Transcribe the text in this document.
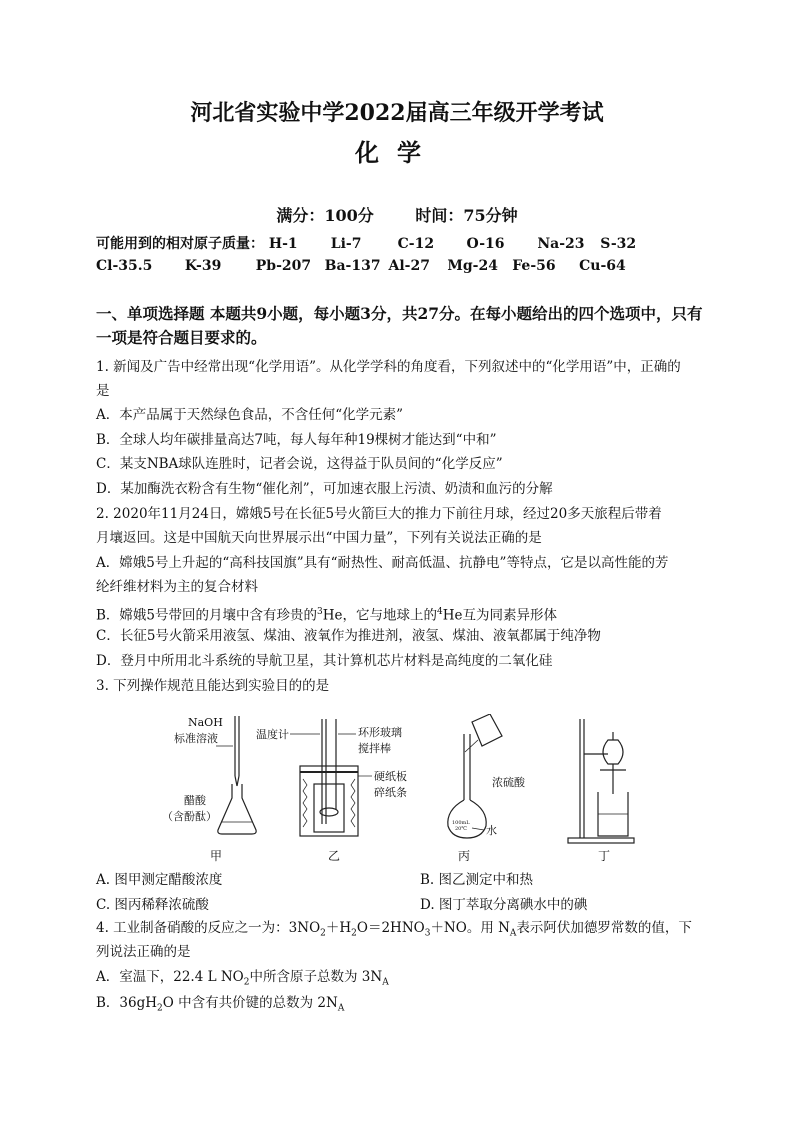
河北省实验中学2022届高三年级开学考试
化学
满分：100分	时间：75分钟
可能用到的相对原子质量： H-1 Li-7	C-12 O-16 Na-23 S-32
Cl-35.5 K-39 Pb-207 Ba-137 Al-27 Mg-24 Fe-56 Cu-64
一、单项选择题 本题共9小题，每小题3分，共27分。在每小题给出的四个选项中，只有一项是符合题目要求的。
1. 新闻及广告中经常出现“化学用语”。从化学学科的角度看，下列叙述中的“化学用语”中，正确的
是
A．本产品属于天然绿色食品，不含任何“化学元素”
B．全球人均年碳排量高达7吨，每人每年种19棵树才能达到“中和”
C．某支NBA球队连胜时，记者会说，这得益于队员间的“化学反应”
D．某加酶洗衣粉含有生物“催化剂”，可加速衣服上污渍、奶渍和血污的分解
2. 2020年11月24日，嫦娥5号在长征5号火箭巨大的推力下前往月球，经过20多天旅程后带着
月壤返回。这是中国航天向世界展示出“中国力量”，下列有关说法正确的是
A．嫦娥5号上升起的“高科技国旗”具有“耐热性、耐高低温、抗静电”等特点，它是以高性能的芳
纶纤维材料为主的复合材料
B．嫦娥5号带回的月壤中含有珍贵的$^3$He，它与地球上的$^4$He互为同素异形体
C．长征5号火箭采用液氢、煤油、液氧作为推进剂，液氢、煤油、液氧都属于纯净物
D．登月中所用北斗系统的导航卫星，其计算机芯片材料是高纯度的二氧化硅
3. 下列操作规范且能达到实验目的的是
NaOH
标准溶液
醋酸
（含酚酞）
温度计	环形玻璃
搅拌棒
硬纸板
碎纸条
浓硫酸
水
100mL
20℃
甲	乙	丙	丁
A. 图甲测定醋酸浓度	B. 图乙测定中和热
C. 图丙稀释浓硫酸	D. 图丁萃取分离碘水中的碘
4. 工业制备硝酸的反应之一为：$3NO_2+H_2O=2HNO_3+NO$。用 $N_A$表示阿伏加德罗常数的值，下
列说法正确的是
A．室温下，22.4 L $NO_2$中所含原子总数为 $3N_A$
B．$36gH_2O$ 中含有共价键的总数为 $2N_A$
